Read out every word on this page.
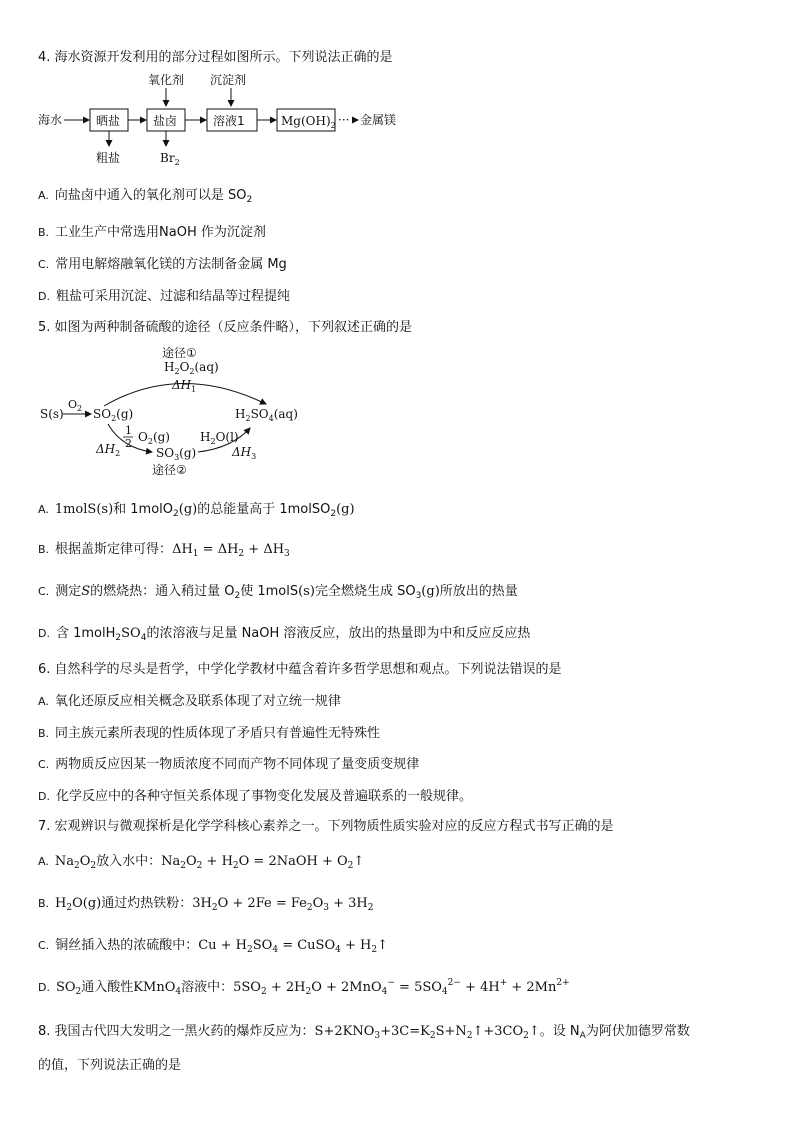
4. 海水资源开发利用的部分过程如图所示。下列说法正确的是
氧化剂 沉淀剂
海水	晒盐	盐卤	溶液1	$Mg(OH)_2$ ··· 金属镁
粗盐	$Br_2$
A. 向盐卤中通入的氧化剂可以是 $SO_2$
B. 工业生产中常选用NaOH 作为沉淀剂
C. 常用电解熔融氧化镁的方法制备金属 Mg
D. 粗盐可采用沉淀、过滤和结晶等过程提纯
5. 如图为两种制备硫酸的途径（反应条件略），下列叙述正确的是
途径①
$H_2O_2(aq)$
$\Delta H_1$
S(s)
$O_2$ $SO_2(g)$	$H_2SO_4(aq)$
1
2 $O_2(g)$	$H_2O(l)$
$\Delta H_2$	$SO_3(g)$	$\Delta H_3$
途径②
A. 1molS(s)和 1molO$_2$(g)的总能量高于 1molSO$_2$(g)
B. 根据盖斯定律可得：$\Delta H_1 = \Delta H_2 + \Delta H_3$
C. 测定S的燃烧热：通入稍过量 $O_2$使 1molS(s)完全燃烧生成 $SO_3(g)$所放出的热量
D. 含 $1molH_2SO_4$的浓溶液与足量 NaOH 溶液反应，放出的热量即为中和反应反应热
6. 自然科学的尽头是哲学，中学化学教材中蕴含着许多哲学思想和观点。下列说法错误的是
A. 氧化还原反应相关概念及联系体现了对立统一规律
B. 同主族元素所表现的性质体现了矛盾只有普遍性无特殊性
C. 两物质反应因某一物质浓度不同而产物不同体现了量变质变规律
D. 化学反应中的各种守恒关系体现了事物变化发展及普遍联系的一般规律。
7. 宏观辨识与微观探析是化学学科核心素养之一。下列物质性质实验对应的反应方程式书写正确的是
A. $Na_2O_2$放入水中：$Na_2O_2 + H_2O$ = 2NaOH + $O_2↑$
B. $H_2O(g)$通过灼热铁粉：$3H_2O + 2Fe = Fe_2O_3 + 3H_2$
C. 铜丝插入热的浓硫酸中：$Cu + H_2SO_4$ = CuSO$_4$ + $H_2↑$
D. $SO_2$通入酸性KMnO$_4$溶液中：$5SO_2 + 2H_2O + 2MnO_4^- = 5SO_4^{2-} + 4H^+ + 2Mn^{2+}$
8. 我国古代四大发明之一黑火药的爆炸反应为：$S+2KNO_3+3C=K_2S+N_2↑+3CO_2↑$。设 $N_A$为阿伏加德罗常数
的值，下列说法正确的是
